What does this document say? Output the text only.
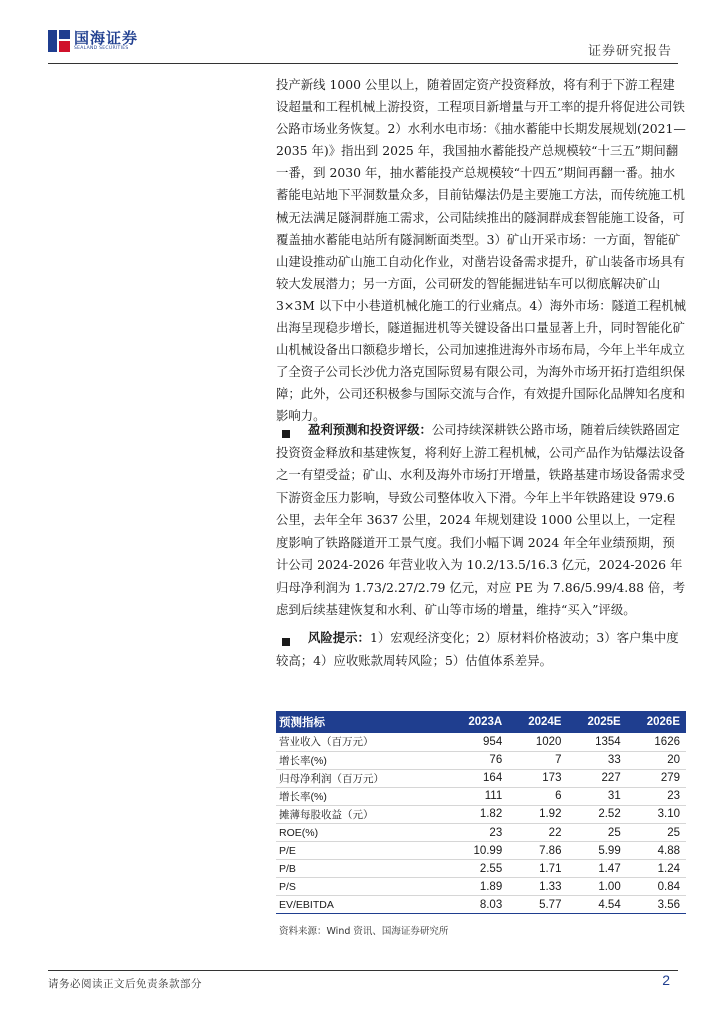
国海证券
SEALAND SECURITIES	证券研究报告
投产新线 1000 公里以上，随着固定资产投资释放，将有利于下游工程建设超量和工程机械上游投资，工程项目新增量与开工率的提升将促进公司铁公路市场业务恢复。2）水利水电市场：《抽水蓄能中长期发展规划(2021—2035 年)》指出到 2025 年，我国抽水蓄能投产总规模较“十三五”期间翻一番，到 2030 年，抽水蓄能投产总规模较“十四五”期间再翻一番。抽水蓄能电站地下平洞数量众多，目前钻爆法仍是主要施工方法，而传统施工机械无法满足隧洞群施工需求，公司陆续推出的隧洞群成套智能施工设备，可覆盖抽水蓄能电站所有隧洞断面类型。3）矿山开采市场：一方面，智能矿山建设推动矿山施工自动化作业，对凿岩设备需求提升，矿山装备市场具有较大发展潜力；另一方面，公司研发的智能掘进钻车可以彻底解决矿山 3×3M 以下中小巷道机械化施工的行业痛点。4）海外市场：隧道工程机械出海呈现稳步增长，隧道掘进机等关键设备出口量显著上升，同时智能化矿山机械设备出口额稳步增长，公司加速推进海外市场布局，今年上半年成立了全资子公司长沙优力洛克国际贸易有限公司，为海外市场开拓打造组织保障；此外，公司还积极参与国际交流与合作，有效提升国际化品牌知名度和影响力。
盈利预测和投资评级：公司持续深耕铁公路市场，随着后续铁路固定投资资金释放和基建恢复，将利好上游工程机械，公司产品作为钻爆法设备之一有望受益；矿山、水利及海外市场打开增量，铁路基建市场设备需求受下游资金压力影响，导致公司整体收入下滑。今年上半年铁路建设 979.6 公里，去年全年 3637 公里，2024 年规划建设 1000 公里以上，一定程度影响了铁路隧道开工景气度。我们小幅下调 2024 年全年业绩预期，预计公司 2024-2026 年营业收入为 10.2/13.5/16.3 亿元，2024-2026 年归母净利润为 1.73/2.27/2.79 亿元，对应 PE 为 7.86/5.99/4.88 倍，考虑到后续基建恢复和水利、矿山等市场的增量，维持“买入”评级。
风险提示：1）宏观经济变化；2）原材料价格波动；3）客户集中度较高；4）应收账款周转风险；5）估值体系差异。
预测指标	2023A	2024E	2025E	2026E
营业收入（百万元）	954	1020	1354	1626
增长率(%)	76	7	33	20
归母净利润（百万元）	164	173	227	279
增长率(%)	111	6	31	23
摊薄每股收益（元）	1.82	1.92	2.52	3.10
ROE(%)	23	22	25	25
P/E	10.99	7.86	5.99	4.88
P/B	2.55	1.71	1.47	1.24
P/S	1.89	1.33	1.00	0.84
EV/EBITDA	8.03	5.77	4.54	3.56
资料来源：Wind 资讯、国海证券研究所
请务必阅读正文后免责条款部分	2
